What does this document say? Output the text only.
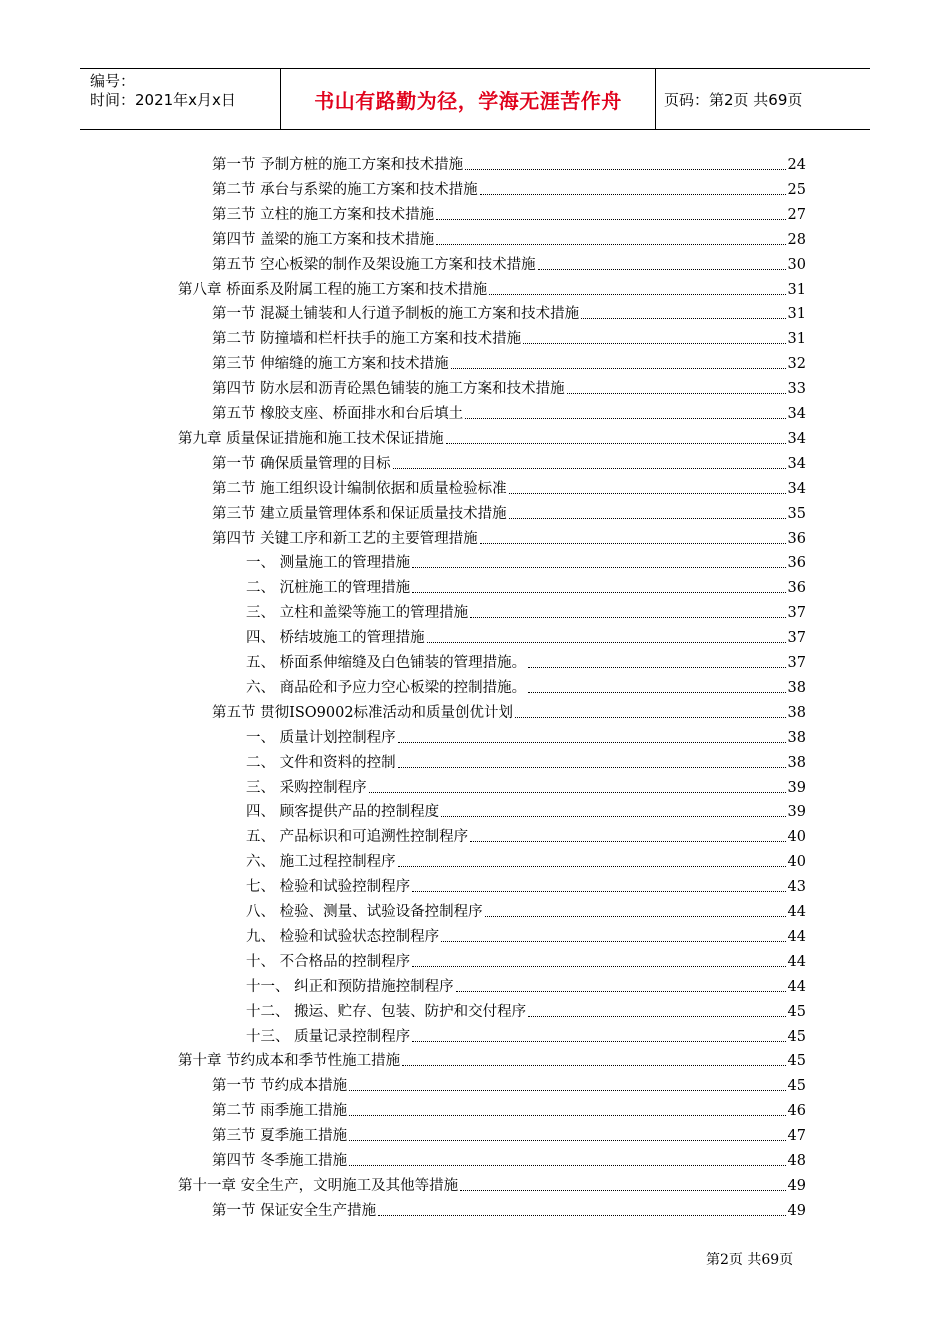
编号：
时间：2021年x月x日	书山有路勤为径，学海无涯苦作舟	页码：第2页 共69页
第一节 予制方桩的施工方案和技术措施	24
第二节 承台与系梁的施工方案和技术措施	25
第三节 立柱的施工方案和技术措施	27
第四节 盖梁的施工方案和技术措施	28
第五节 空心板梁的制作及架设施工方案和技术措施	30
第八章 桥面系及附属工程的施工方案和技术措施	31
第一节 混凝土铺装和人行道予制板的施工方案和技术措施	31
第二节 防撞墙和栏杆扶手的施工方案和技术措施	31
第三节 伸缩缝的施工方案和技术措施	32
第四节 防水层和沥青砼黑色铺装的施工方案和技术措施	33
第五节 橡胶支座、桥面排水和台后填土	34
第九章 质量保证措施和施工技术保证措施	34
第一节 确保质量管理的目标	34
第二节 施工组织设计编制依据和质量检验标准	34
第三节 建立质量管理体系和保证质量技术措施	35
第四节 关键工序和新工艺的主要管理措施	36
一、 测量施工的管理措施	36
二、 沉桩施工的管理措施	36
三、 立柱和盖梁等施工的管理措施	37
四、 桥结坡施工的管理措施	37
五、 桥面系伸缩缝及白色铺装的管理措施。	37
六、 商品砼和予应力空心板梁的控制措施。	38
第五节 贯彻ISO9002标准活动和质量创优计划	38
一、 质量计划控制程序	38
二、 文件和资料的控制	38
三、 采购控制程序	39
四、 顾客提供产品的控制程度	39
五、 产品标识和可追溯性控制程序	40
六、 施工过程控制程序	40
七、 检验和试验控制程序	43
八、 检验、测量、试验设备控制程序	44
九、 检验和试验状态控制程序	44
十、 不合格品的控制程序	44
十一、 纠正和预防措施控制程序	44
十二、 搬运、贮存、包装、防护和交付程序	45
十三、 质量记录控制程序	45
第十章 节约成本和季节性施工措施	45
第一节 节约成本措施	45
第二节 雨季施工措施	46
第三节 夏季施工措施	47
第四节 冬季施工措施	48
第十一章 安全生产，文明施工及其他等措施	49
第一节 保证安全生产措施	49
第2页 共69页
